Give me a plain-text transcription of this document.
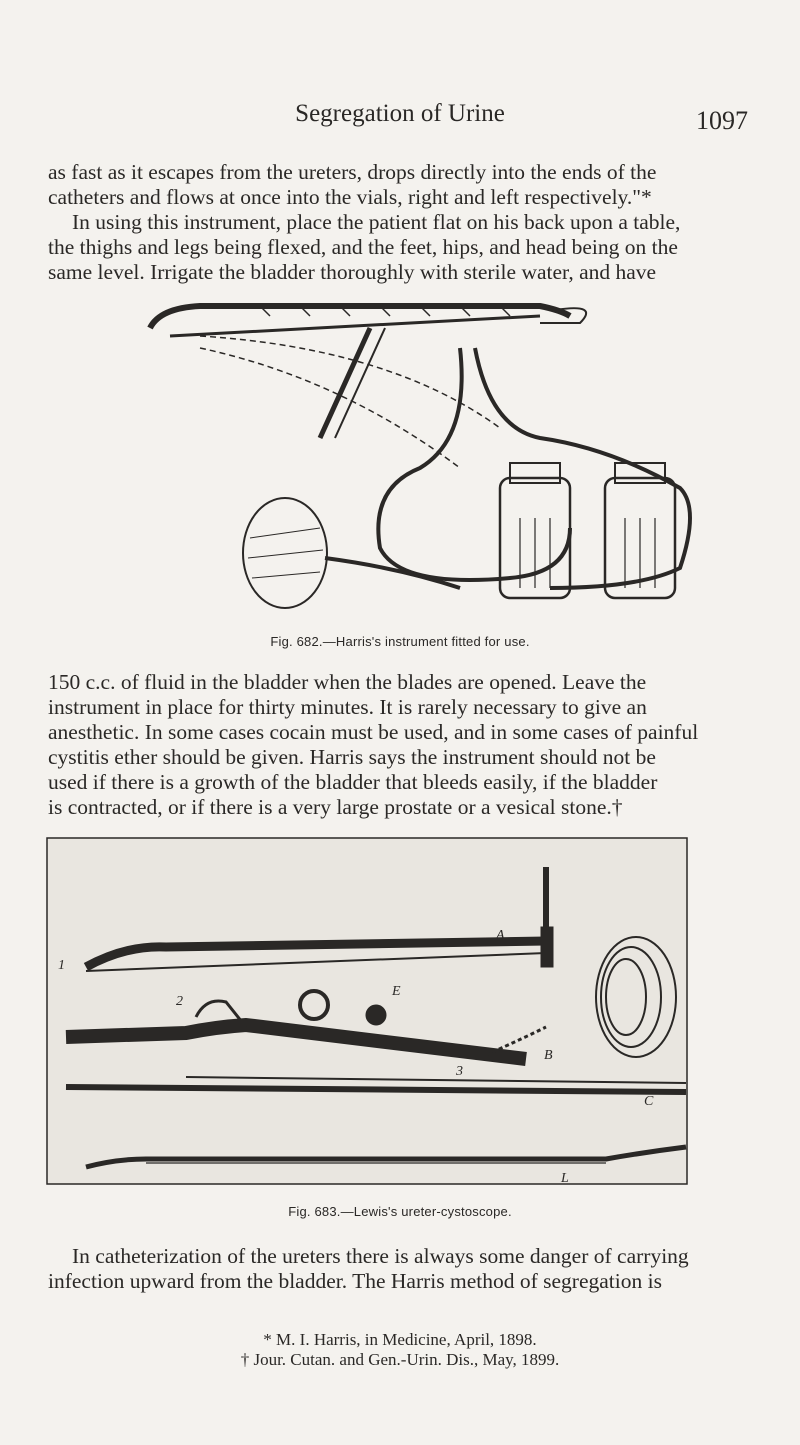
Segregation of Urine	1097

as fast as it escapes from the ureters, drops directly into the ends of the
catheters and flows at once into the vials, right and left respectively."*

In using this instrument, place the patient flat on his back upon a table,
the thighs and legs being flexed, and the feet, hips, and head being on the
same level. Irrigate the bladder thoroughly with sterile water, and have

Fig. 682.—Harris's instrument fitted for use.

150 c.c. of fluid in the bladder when the blades are opened. Leave the
instrument in place for thirty minutes. It is rarely necessary to give an
anesthetic. In some cases cocain must be used, and in some cases of painful
cystitis ether should be given. Harris says the instrument should not be
used if there is a growth of the bladder that bleeds easily, if the bladder
is contracted, or if there is a very large prostate or a vesical stone.†

A
E
B
C
1
2
3
L
Fig. 683.—Lewis's ureter-cystoscope.

In catheterization of the ureters there is always some danger of carrying
infection upward from the bladder. The Harris method of segregation is

* M. I. Harris, in Medicine, April, 1898.
† Jour. Cutan. and Gen.-Urin. Dis., May, 1899.
